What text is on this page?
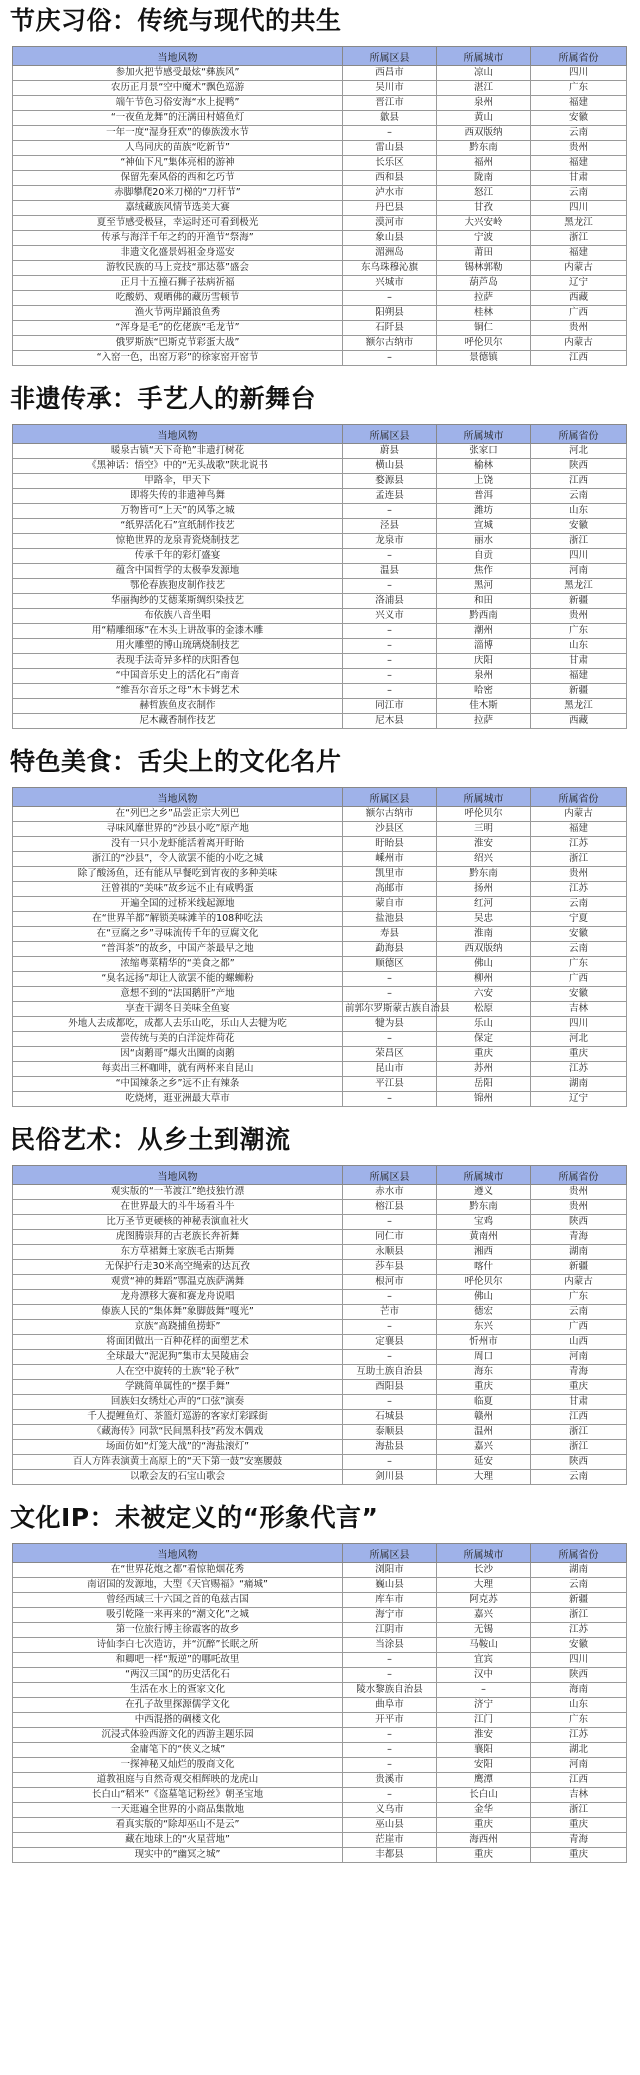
节庆习俗：传统与现代的共生
当地风物	所属区县	所属城市	所属省份
参加火把节感受最炫“彝族风”	西昌市	凉山	四川
农历正月景“空中魔术”飘色巡游	吴川市	湛江	广东
端午节色习俗安海“水上捉鸭”	晋江市	泉州	福建
“一夜鱼龙舞”的汪满田村嬉鱼灯	歙县	黄山	安徽
一年一度“湿身狂欢”的傣族泼水节	–	西双版纳	云南
人鸟同庆的苗族“吃新节”	雷山县	黔东南	贵州
“神仙下凡”集体亮相的游神	长乐区	福州	福建
保留先秦风俗的西和乞巧节	西和县	陇南	甘肃
赤脚攀爬20米刀梯的“刀杆节”	泸水市	怒江	云南
嘉绒藏族风情节选美大赛	丹巴县	甘孜	四川
夏至节感受极昼，幸运时还可看到极光	漠河市	大兴安岭	黑龙江
传承与海洋千年之约的开渔节“祭海”	象山县	宁波	浙江
非遗文化盛景妈祖金身巡安	湄洲岛	莆田	福建
游牧民族的马上竞技“那达慕”盛会	东乌珠穆沁旗	锡林郭勒	内蒙古
正月十五撞石狮子祛病祈福	兴城市	葫芦岛	辽宁
吃酸奶、观晒佛的藏历雪顿节	–	拉萨	西藏
渔火节两岸踊浪鱼秀	阳朔县	桂林	广西
“浑身是毛”的仡佬族“毛龙节”	石阡县	铜仁	贵州
俄罗斯族“巴斯克节彩蛋大战”	额尔古纳市	呼伦贝尔	内蒙古
“入窑一色，出窑万彩”的徐家窑开窑节	–	景德镇	江西
非遗传承：手艺人的新舞台
当地风物	所属区县	所属城市	所属省份
暖泉古镇“天下奇艳”非遗打树花	蔚县	张家口	河北
《黑神话：悟空》中的“无头战歌”陕北说书	横山县	榆林	陕西
甲路伞，甲天下	婺源县	上饶	江西
即将失传的非遗神鸟舞	孟连县	普洱	云南
万物皆可“上天”的风筝之城	–	潍坊	山东
“纸界活化石”宣纸制作技艺	泾县	宣城	安徽
惊艳世界的龙泉青瓷烧制技艺	龙泉市	丽水	浙江
传承千年的彩灯盛宴	–	自贡	四川
蕴含中国哲学的太极拳发源地	温县	焦作	河南
鄂伦春族狍皮制作技艺	–	黑河	黑龙江
华丽掏纱的艾德莱斯绸织染技艺	洛浦县	和田	新疆
布依族八音坐唱	兴义市	黔西南	贵州
用“精雕细琢”在木头上讲故事的金漆木雕	–	潮州	广东
用火雕塑的博山琉璃烧制技艺	–	淄博	山东
表现手法奇异多样的庆阳香包	–	庆阳	甘肃
“中国音乐史上的活化石”南音	–	泉州	福建
“维吾尔音乐之母”木卡姆艺术	–	哈密	新疆
赫哲族鱼皮衣制作	同江市	佳木斯	黑龙江
尼木藏香制作技艺	尼木县	拉萨	西藏
特色美食：舌尖上的文化名片
当地风物	所属区县	所属城市	所属省份
在“列巴之乡”品尝正宗大列巴	额尔古纳市	呼伦贝尔	内蒙古
寻味风靡世界的“沙县小吃”原产地	沙县区	三明	福建
没有一只小龙虾能活着离开盱眙	盱眙县	淮安	江苏
浙江的“沙县”，令人欲罢不能的小吃之城	嵊州市	绍兴	浙江
除了酸汤鱼，还有能从早餐吃到宵夜的多种美味	凯里市	黔东南	贵州
汪曾祺的“美味”故乡远不止有咸鸭蛋	高邮市	扬州	江苏
开遍全国的过桥米线起源地	蒙自市	红河	云南
在“世界羊都”解锁美味滩羊的108种吃法	盐池县	吴忠	宁夏
在“豆腐之乡”寻味流传千年的豆腐文化	寿县	淮南	安徽
“普洱茶”的故乡，中国产茶最早之地	勐海县	西双版纳	云南
浓缩粤菜精华的“美食之都”	顺德区	佛山	广东
“臭名远扬”却让人欲罢不能的螺蛳粉	–	柳州	广西
意想不到的“法国鹅肝”产地	–	六安	安徽
享查干湖冬日美味全鱼宴	前郭尔罗斯蒙古族自治县	松原	吉林
外地人去成都吃，成都人去乐山吃，乐山人去犍为吃	犍为县	乐山	四川
尝传统与美的白洋淀炸荷花	–	保定	河北
因“卤鹅哥”爆火出圈的卤鹅	荣昌区	重庆	重庆
每卖出三杯咖啡，就有两杯来自昆山	昆山市	苏州	江苏
“中国辣条之乡”远不止有辣条	平江县	岳阳	湖南
吃烧烤，逛亚洲最大草市	–	锦州	辽宁
民俗艺术：从乡土到潮流
当地风物	所属区县	所属城市	所属省份
观实版的“一苇渡江”绝技独竹漂	赤水市	遵义	贵州
在世界最大的斗牛场看斗牛	榕江县	黔东南	贵州
比万圣节更硬核的神秘表演血社火	–	宝鸡	陕西
虎图腾崇拜的古老族长奔祈舞	同仁市	黄南州	青海
东方草裙舞土家族毛古斯舞	永顺县	湘西	湖南
无保护行走30米高空绳索的达瓦孜	莎车县	喀什	新疆
观赏“神的舞蹈”鄂温克族萨满舞	根河市	呼伦贝尔	内蒙古
龙舟漂移大赛和赛龙舟说唱	–	佛山	广东
傣族人民的“集体舞”象脚鼓舞“嘎光”	芒市	德宏	云南
京族“高跷捕鱼捞虾”	–	东兴	广西
将面团做出一百种花样的面塑艺术	定襄县	忻州市	山西
全球最大“泥泥狗”集市太昊陵庙会	–	周口	河南
人在空中旋转的土族“轮子秋”	互助土族自治县	海东	青海
学跳简单属性的“摆手舞”	酉阳县	重庆	重庆
回族妇女绣灶心声的“口弦”演奏	–	临夏	甘肃
千人提鲤鱼灯、茶篮灯巡游的客家灯彩踩街	石城县	赣州	江西
《藏海传》同款“民间黑科技”药发木偶戏	泰顺县	温州	浙江
场面仿如“灯笼大战”的“海盐滚灯”	海盐县	嘉兴	浙江
百人方阵表演黄土高原上的“天下第一鼓”安塞腰鼓	–	延安	陕西
以歌会友的石宝山歌会	剑川县	大理	云南
文化IP：未被定义的“形象代言”
当地风物	所属区县	所属城市	所属省份
在“世界花炮之都”看惊艳烟花秀	浏阳市	长沙	湖南
南诏国的发源地，大型《天官赐福》“痛城”	巍山县	大理	云南
曾经西域三十六国之首的龟兹古国	库车市	阿克苏	新疆
吸引乾隆一来再来的“潮文化”之城	海宁市	嘉兴	浙江
第一位旅行博主徐霞客的故乡	江阴市	无锡	江苏
诗仙李白七次造访，并“沉醉”长眠之所	当涂县	马鞍山	安徽
和卿吧一样“叛逆”的哪吒故里	–	宜宾	四川
“两汉三国”的历史活化石	–	汉中	陕西
生活在水上的疍家文化	陵水黎族自治县	–	海南
在孔子故里探源儒学文化	曲阜市	济宁	山东
中西混搭的碉楼文化	开平市	江门	广东
沉浸式体验西游文化的西游主题乐园	–	淮安	江苏
金庸笔下的“侠义之城”	–	襄阳	湖北
一探神秘又灿烂的殷商文化	–	安阳	河南
道教祖庭与自然奇观交相辉映的龙虎山	贵溪市	鹰潭	江西
长白山“稻米”《盗墓笔记粉丝》朝圣宝地	–	长白山	吉林
一天逛遍全世界的小商品集散地	义乌市	金华	浙江
看真实版的“除却巫山不是云”	巫山县	重庆	重庆
藏在地球上的“火星营地”	茫崖市	海西州	青海
现实中的“幽冥之城”	丰都县	重庆	重庆
